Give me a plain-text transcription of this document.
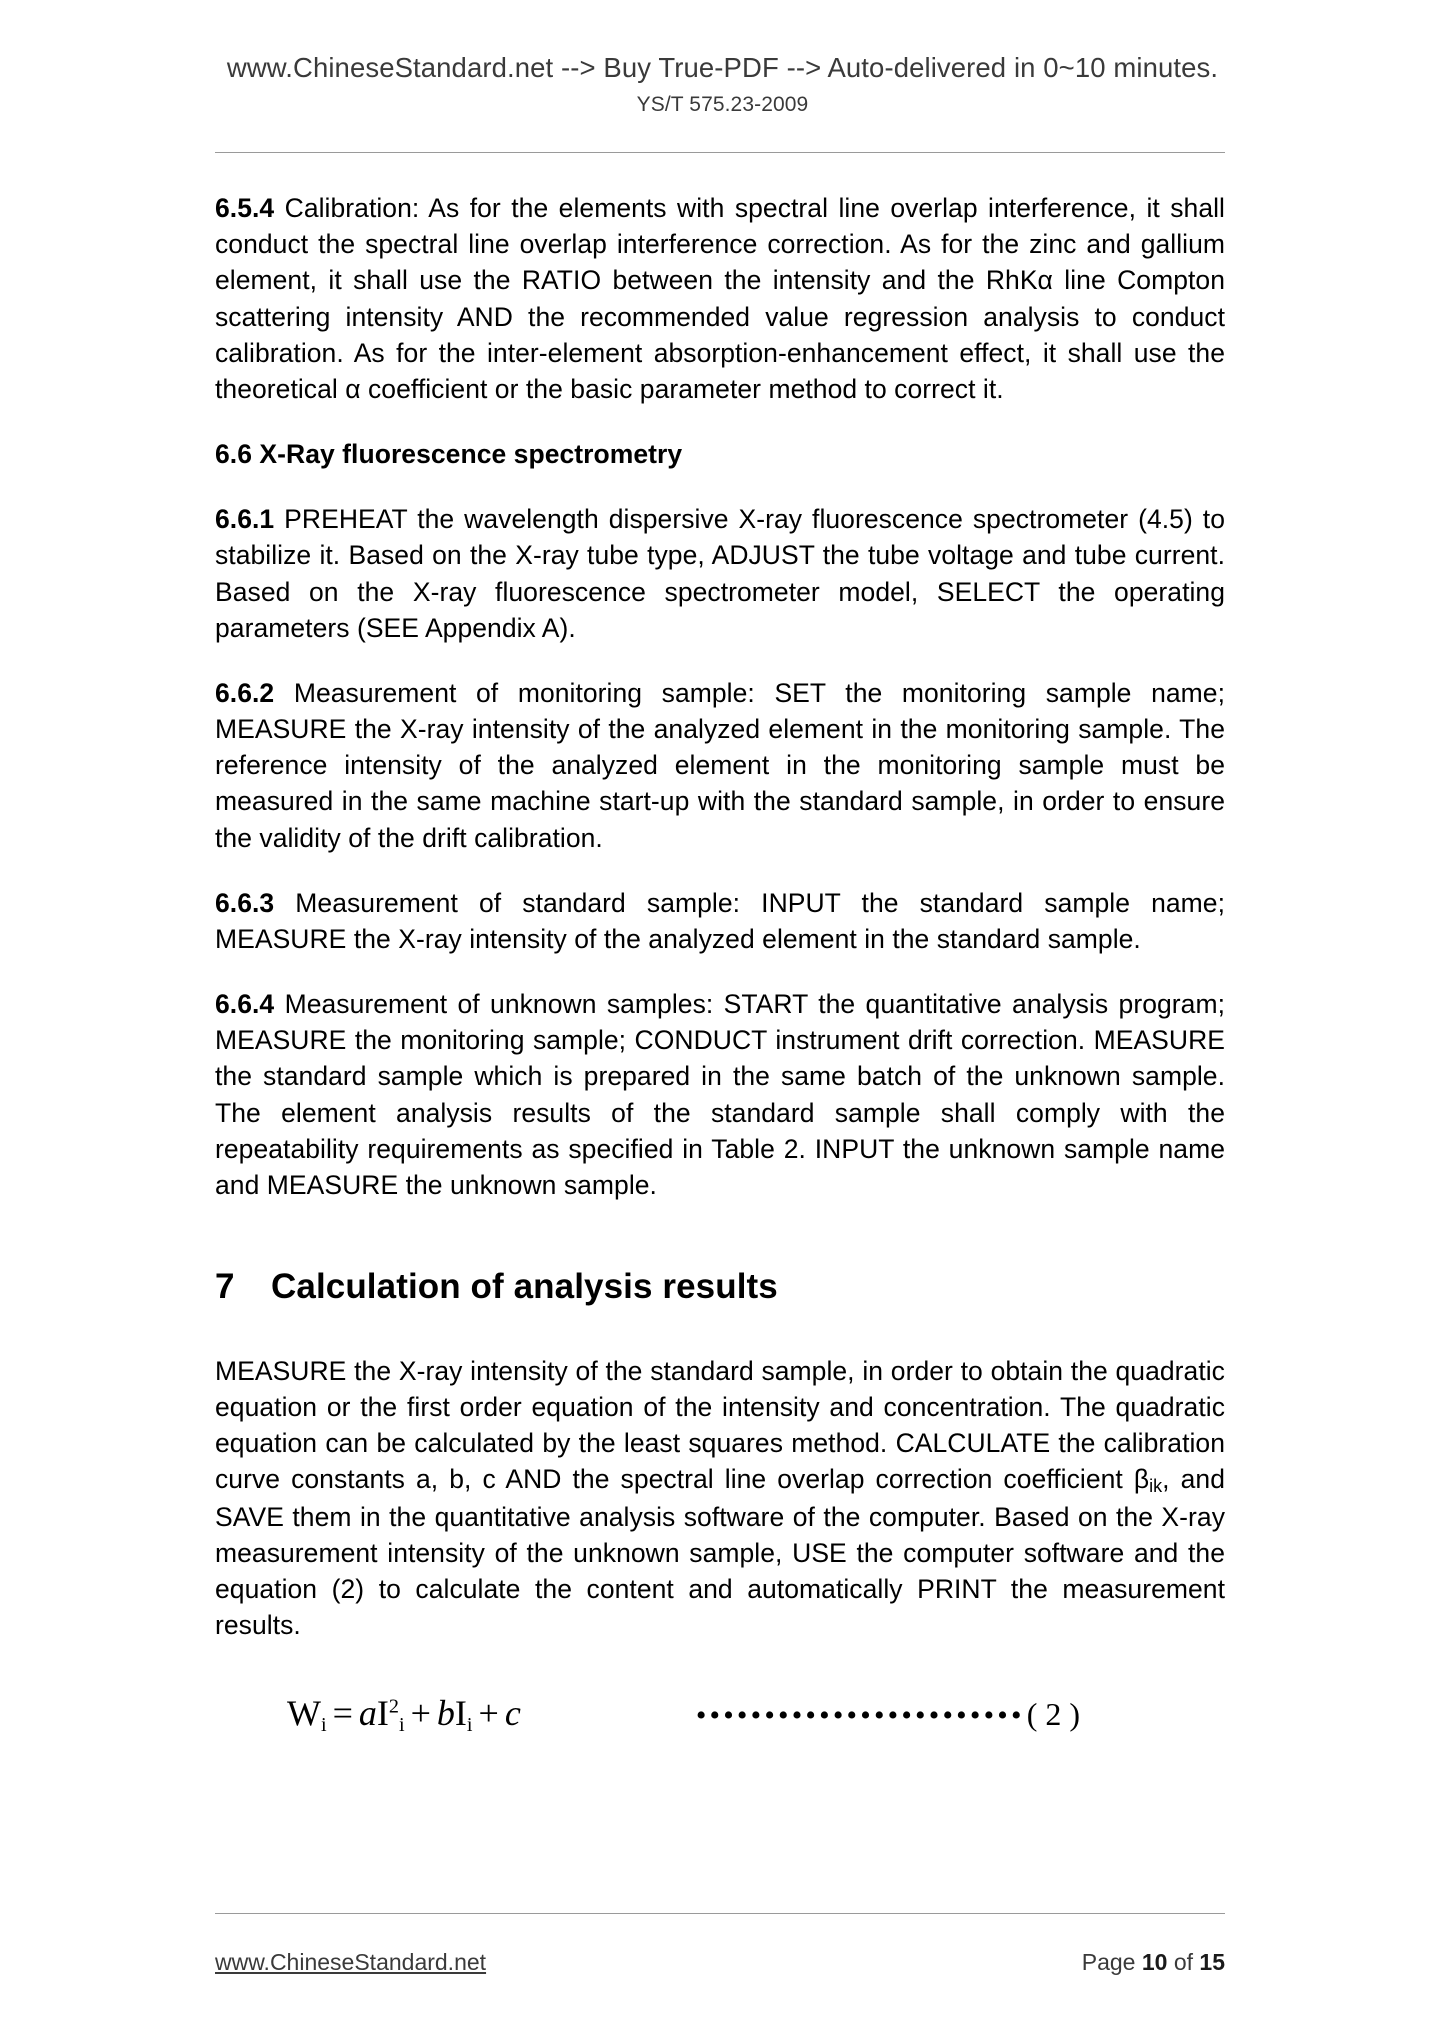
www.ChineseStandard.net --> Buy True-PDF --> Auto-delivered in 0~10 minutes.
YS/T 575.23-2009

6.5.4 Calibration: As for the elements with spectral line overlap interference, it shall conduct the spectral line overlap interference correction. As for the zinc and gallium element, it shall use the RATIO between the intensity and the RhKα line Compton scattering intensity AND the recommended value regression analysis to conduct calibration. As for the inter-element absorption-enhancement effect, it shall use the theoretical α coefficient or the basic parameter method to correct it.

6.6 X-Ray fluorescence spectrometry

6.6.1 PREHEAT the wavelength dispersive X-ray fluorescence spectrometer (4.5) to stabilize it. Based on the X-ray tube type, ADJUST the tube voltage and tube current. Based on the X-ray fluorescence spectrometer model, SELECT the operating parameters (SEE Appendix A).

6.6.2 Measurement of monitoring sample: SET the monitoring sample name; MEASURE the X-ray intensity of the analyzed element in the monitoring sample. The reference intensity of the analyzed element in the monitoring sample must be measured in the same machine start-up with the standard sample, in order to ensure the validity of the drift calibration.

6.6.3 Measurement of standard sample: INPUT the standard sample name; MEASURE the X-ray intensity of the analyzed element in the standard sample.

6.6.4 Measurement of unknown samples: START the quantitative analysis program; MEASURE the monitoring sample; CONDUCT instrument drift correction. MEASURE the standard sample which is prepared in the same batch of the unknown sample. The element analysis results of the standard sample shall comply with the repeatability requirements as specified in Table 2. INPUT the unknown sample name and MEASURE the unknown sample.

7 Calculation of analysis results

MEASURE the X-ray intensity of the standard sample, in order to obtain the quadratic equation or the first order equation of the intensity and concentration. The quadratic equation can be calculated by the least squares method. CALCULATE the calibration curve constants a, b, c AND the spectral line overlap correction coefficient $\beta_{ik}$, and SAVE them in the quantitative analysis software of the computer. Based on the X-ray measurement intensity of the unknown sample, USE the computer software and the equation (2) to calculate the content and automatically PRINT the measurement results.

$Wi = aI^2i$ + bIi + c	•••••••••••••••••••••••• ( 2 )
www.ChineseStandard.net	Page 10 of 15
